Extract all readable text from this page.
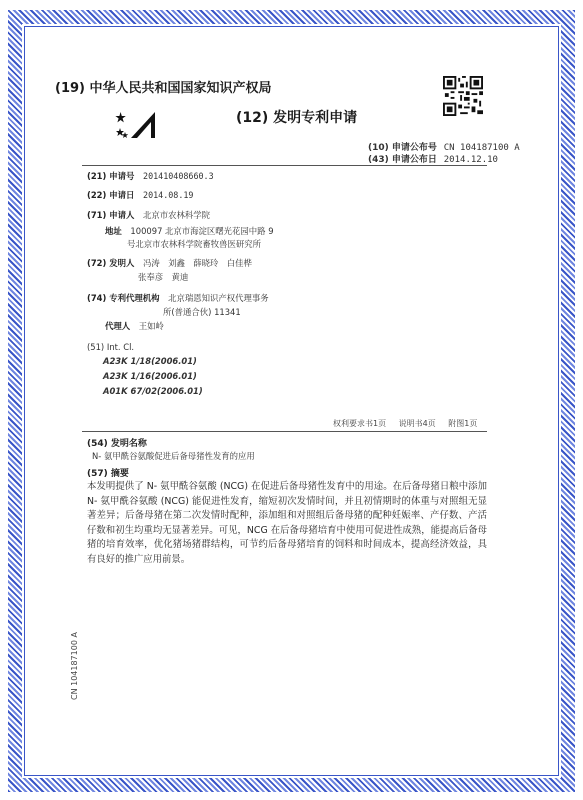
(19) 中华人民共和国国家知识产权局
(12) 发明专利申请
(10) 申请公布号 CN 104187100 A
(43) 申请公布日 2014.12.10
(21) 申请号 201410408660.3
(22) 申请日 2014.08.19
(71) 申请人 北京市农林科学院
地址 100097 北京市海淀区曙光花园中路 9
号北京市农林科学院畜牧兽医研究所
(72) 发明人 冯涛　刘鑫　薛晓玲　白佳桦
张奉彦　黄迪
(74) 专利代理机构 北京瑞恩知识产权代理事务
所(普通合伙) 11341
代理人 王如岭
(51) Int. Cl.
A23K 1/18(2006.01)
A23K 1/16(2006.01)
A01K 67/02(2006.01)
权利要求书1页 说明书4页 附图1页
(54) 发明名称
N- 氨甲酰谷氨酸促进后备母猪性发育的应用
(57) 摘要
本发明提供了 N- 氨甲酰谷氨酸 (NCG) 在促进后备母猪性发育中的用途。在后备母猪日粮中添加 N- 氨甲酰谷氨酸 (NCG) 能促进性发育，缩短初次发情时间，并且初情期时的体重与对照组无显著差异；后备母猪在第二次发情时配种，添加组和对照组后备母猪的配种妊娠率、产仔数、产活仔数和初生均重均无显著差异。可见，NCG 在后备母猪培育中使用可促进性成熟，能提高后备母猪的培育效率，优化猪场猪群结构，可节约后备母猪培育的饲料和时间成本，提高经济效益，具有良好的推广应用前景。
CN 104187100 A
